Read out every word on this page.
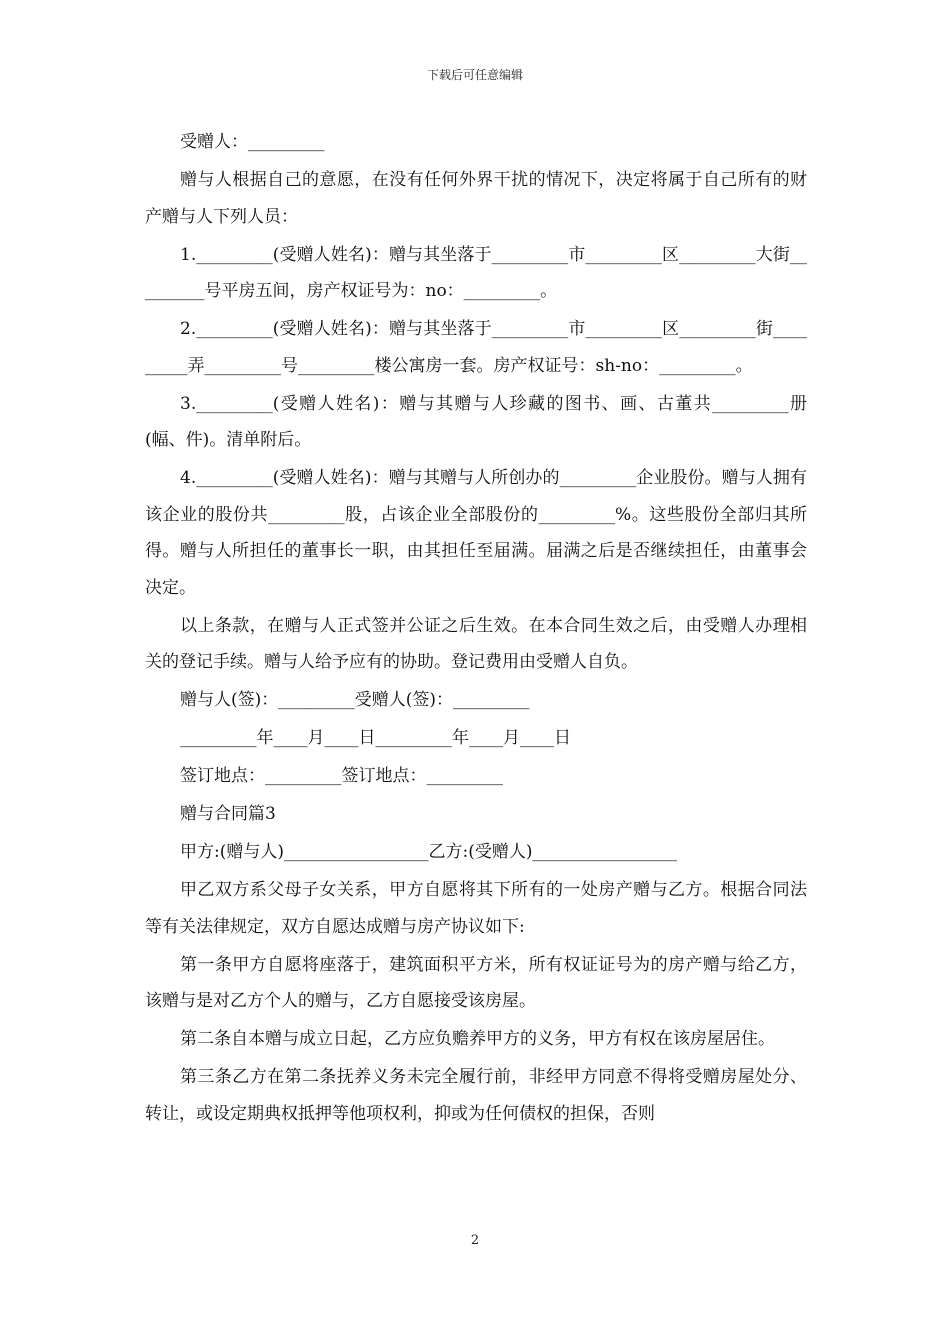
下载后可任意编辑

受赠人：_________

赠与人根据自己的意愿，在没有任何外界干扰的情况下，决定将属于自己所有的财产赠与人下列人员：

1._________(受赠人姓名)：赠与其坐落于_________市_________区_________大街_________号平房五间，房产权证号为：no：_________。

2._________(受赠人姓名)：赠与其坐落于_________市_________区_________街_________弄_________号_________楼公寓房一套。房产权证号：sh-no：_________。

3._________(受赠人姓名)：赠与其赠与人珍藏的图书、画、古董共_________册(幅、件)。清单附后。

4._________(受赠人姓名)：赠与其赠与人所创办的_________企业股份。赠与人拥有该企业的股份共_________股，占该企业全部股份的_________%。这些股份全部归其所得。赠与人所担任的董事长一职，由其担任至届满。届满之后是否继续担任，由董事会决定。

以上条款，在赠与人正式签并公证之后生效。在本合同生效之后，由受赠人办理相关的登记手续。赠与人给予应有的协助。登记费用由受赠人自负。

赠与人(签)：_________受赠人(签)：_________

_________年____月____日_________年____月____日

签订地点：_________签订地点：_________

赠与合同篇3

甲方:(赠与人)_________________乙方:(受赠人)_________________

甲乙双方系父母子女关系，甲方自愿将其下所有的一处房产赠与乙方。根据合同法等有关法律规定，双方自愿达成赠与房产协议如下:

第一条甲方自愿将座落于，建筑面积平方米，所有权证证号为的房产赠与给乙方，该赠与是对乙方个人的赠与，乙方自愿接受该房屋。

第二条自本赠与成立日起，乙方应负赡养甲方的义务，甲方有权在该房屋居住。

第三条乙方在第二条抚养义务未完全履行前，非经甲方同意不得将受赠房屋处分、转让，或设定期典权抵押等他项权利，抑或为任何债权的担保，否则

2
